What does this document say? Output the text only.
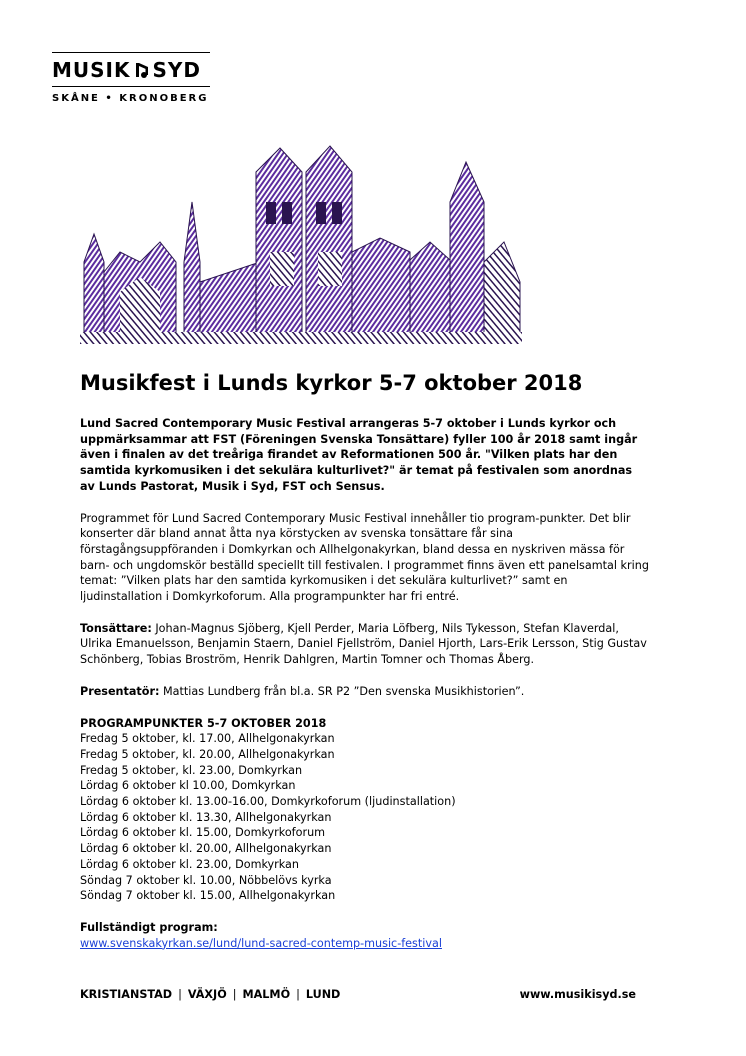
MUSIK SYD
SKÅNE • KRONOBERG
Musikfest i Lunds kyrkor 5-7 oktober 2018

Lund Sacred Contemporary Music Festival arrangeras 5-7 oktober i Lunds kyrkor och uppmärksammar att FST (Föreningen Svenska Tonsättare) fyller 100 år 2018 samt ingår även i finalen av det treåriga firandet av Reformationen 500 år. "Vilken plats har den samtida kyrkomusiken i det sekulära kulturlivet?" är temat på festivalen som anordnas av Lunds Pastorat, Musik i Syd, FST och Sensus.

Programmet för Lund Sacred Contemporary Music Festival innehåller tio program-punkter. Det blir konserter där bland annat åtta nya körstycken av svenska tonsättare får sina förstagångsuppföranden i Domkyrkan och Allhelgonakyrkan, bland dessa en nyskriven mässa för barn- och ungdomskör beställd speciellt till festivalen. I programmet finns även ett panelsamtal kring temat: ”Vilken plats har den samtida kyrkomusiken i det sekulära kulturlivet?” samt en ljudinstallation i Domkyrkoforum. Alla programpunkter har fri entré.

Tonsättare: Johan-Magnus Sjöberg, Kjell Perder, Maria Löfberg, Nils Tykesson, Stefan Klaverdal, Ulrika Emanuelsson, Benjamin Staern, Daniel Fjellström, Daniel Hjorth, Lars-Erik Lersson, Stig Gustav Schönberg, Tobias Broström, Henrik Dahlgren, Martin Tomner och Thomas Åberg.

Presentatör: Mattias Lundberg från bl.a. SR P2 ”Den svenska Musikhistorien”.

PROGRAMPUNKTER 5-7 OKTOBER 2018
Fredag 5 oktober, kl. 17.00, Allhelgonakyrkan
Fredag 5 oktober, kl. 20.00, Allhelgonakyrkan
Fredag 5 oktober, kl. 23.00, Domkyrkan
Lördag 6 oktober kl 10.00, Domkyrkan
Lördag 6 oktober kl. 13.00-16.00, Domkyrkoforum (ljudinstallation)
Lördag 6 oktober kl. 13.30, Allhelgonakyrkan
Lördag 6 oktober kl. 15.00, Domkyrkoforum
Lördag 6 oktober kl. 20.00, Allhelgonakyrkan
Lördag 6 oktober kl. 23.00, Domkyrkan
Söndag 7 oktober kl. 10.00, Nöbbelövs kyrka
Söndag 7 oktober kl. 15.00, Allhelgonakyrkan
Fullständigt program:
www.svenskakyrkan.se/lund/lund-sacred-contemp-music-festival
KRISTIANSTAD | VÄXJÖ | MALMÖ | LUND	www.musikisyd.se
